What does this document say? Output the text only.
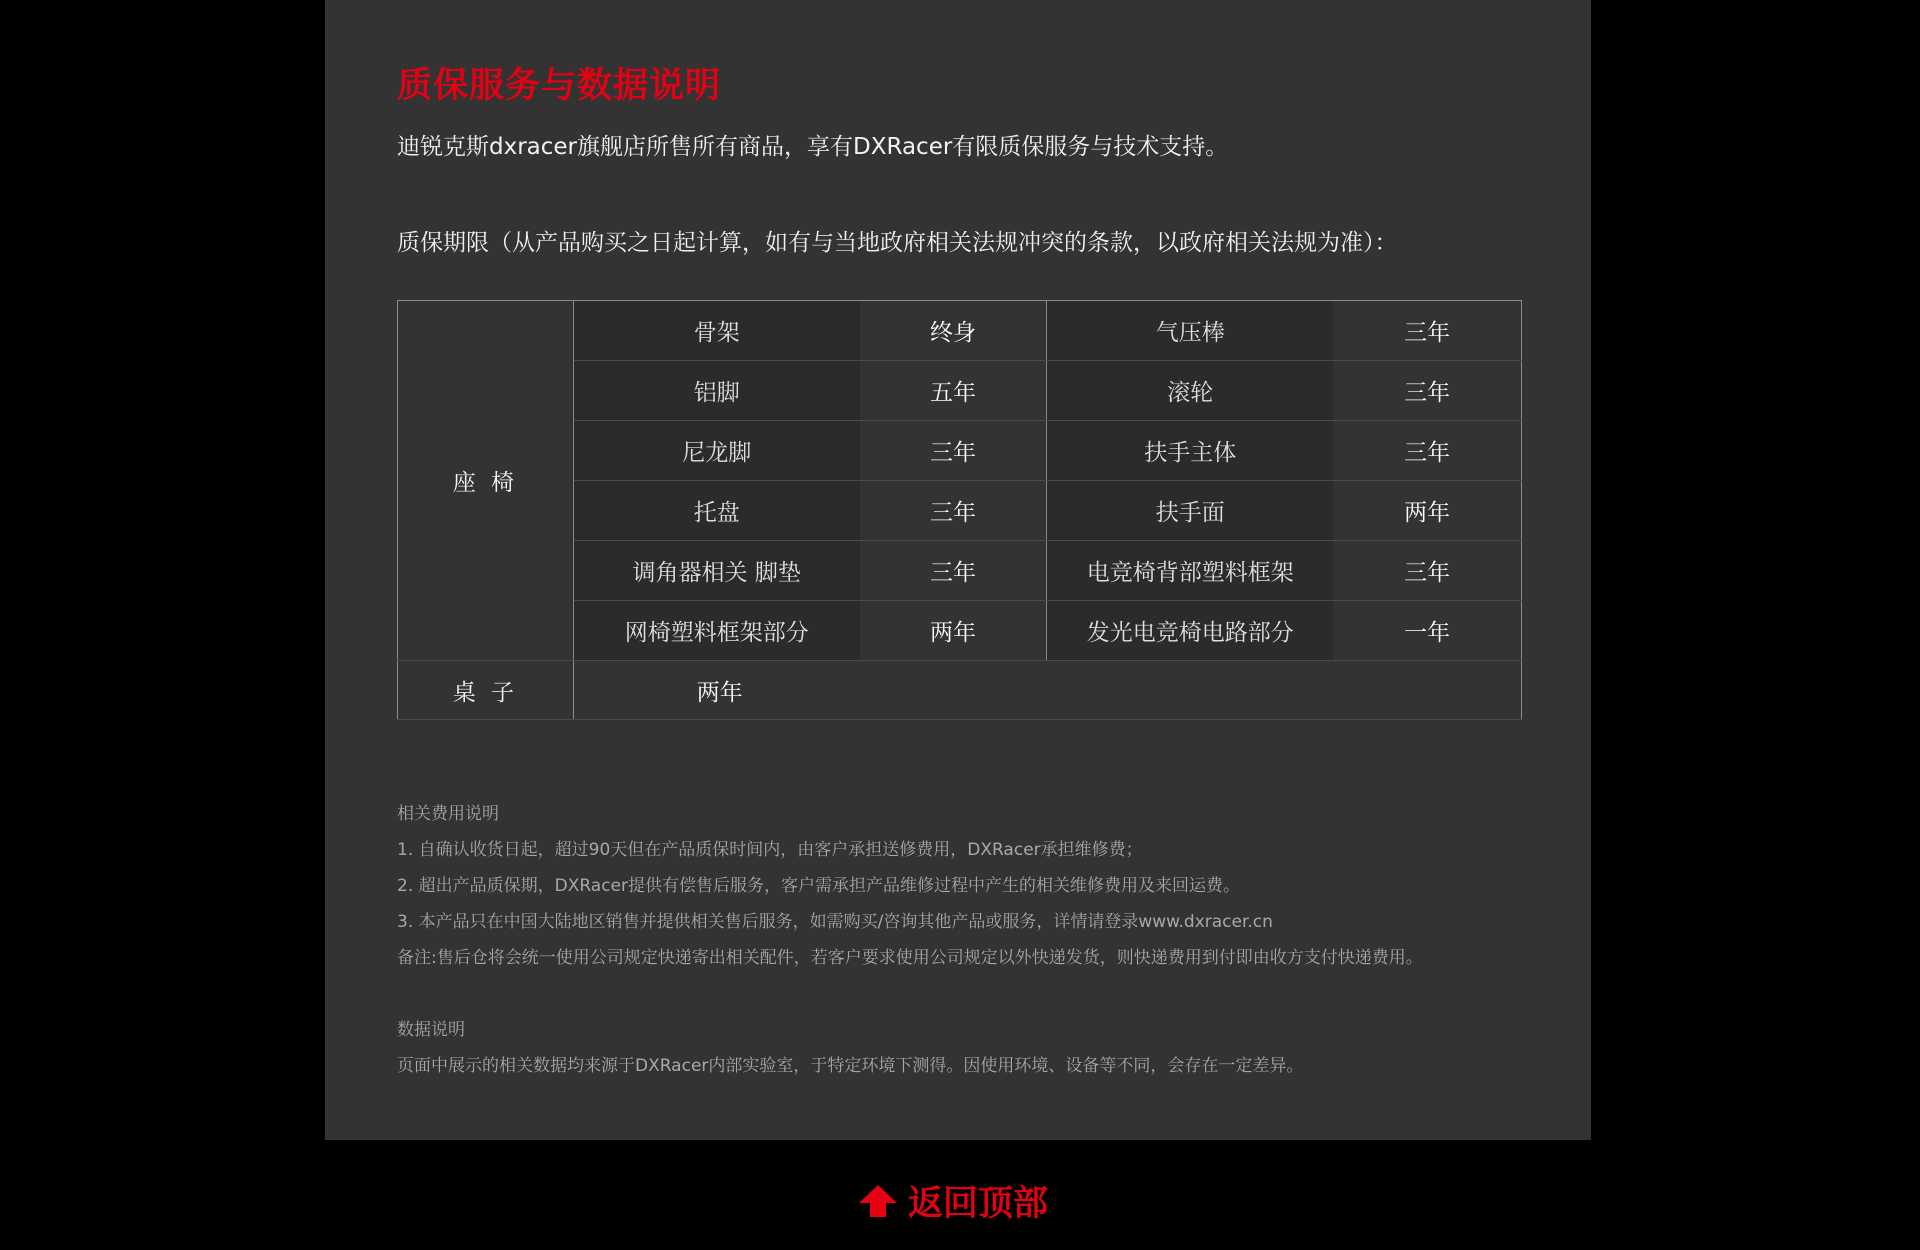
质保服务与数据说明
迪锐克斯dxracer旗舰店所售所有商品，享有DXRacer有限质保服务与技术支持。
质保期限（从产品购买之日起计算，如有与当地政府相关法规冲突的条款，以政府相关法规为准）：
座 椅	骨架	终身	气压棒	三年
	铝脚	五年	滚轮	三年
	尼龙脚	三年	扶手主体	三年
	托盘	三年	扶手面	两年
	调角器相关 脚垫	三年	电竞椅背部塑料框架	三年
	网椅塑料框架部分	两年	发光电竞椅电路部分	一年
桌 子	两年			

相关费用说明

1. 自确认收货日起，超过90天但在产品质保时间内，由客户承担送修费用，DXRacer承担维修费；

2. 超出产品质保期，DXRacer提供有偿售后服务，客户需承担产品维修过程中产生的相关维修费用及来回运费。

3. 本产品只在中国大陆地区销售并提供相关售后服务，如需购买/咨询其他产品或服务，详情请登录www.dxracer.cn

备注:售后仓将会统一使用公司规定快递寄出相关配件，若客户要求使用公司规定以外快递发货，则快递费用到付即由收方支付快递费用。

数据说明

页面中展示的相关数据均来源于DXRacer内部实验室，于特定环境下测得。因使用环境、设备等不同，会存在一定差异。

返回顶部
